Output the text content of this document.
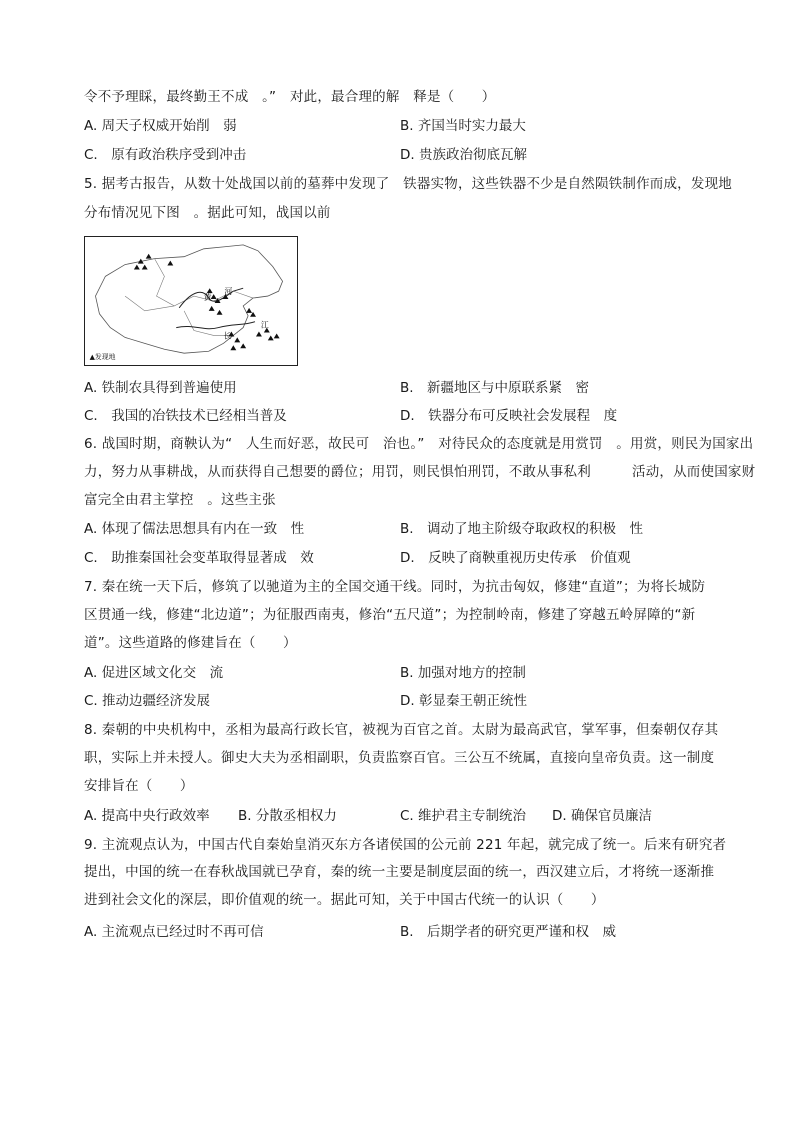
令不予理睬，最终勤王不成　。”　对此，最合理的解　释是（　　）
A. 周天子权威开始削　弱	B. 齐国当时实力最大
C.　原有政治秩序受到冲击	D. 贵族政治彻底瓦解
5. 据考古报告，从数十处战国以前的墓葬中发现了　铁器实物，这些铁器不少是自然陨铁制作而成，发现地
分布情况见下图　。据此可知，战国以前
黄
河
长
江
▲发现地
A. 铁制农具得到普遍使用	B.　新疆地区与中原联系紧　密
C.　我国的冶铁技术已经相当普及	D.　铁器分布可反映社会发展程　度
6. 战国时期，商鞅认为“　人生而好恶，故民可　治也。”　对待民众的态度就是用赏罚　。用赏，则民为国家出
力，努力从事耕战，从而获得自己想要的爵位；用罚，则民惧怕刑罚，不敢从事私利　　　活动，从而使国家财
富完全由君主掌控　。这些主张
A. 体现了儒法思想具有内在一致　性	B.　调动了地主阶级夺取政权的积极　性
C.　助推秦国社会变革取得显著成　效	D.　反映了商鞅重视历史传承　价值观
7. 秦在统一天下后，修筑了以驰道为主的全国交通干线。同时，为抗击匈奴，修建“直道”；为将长城防
区贯通一线，修建“北边道”；为征服西南夷，修治“五尺道”；为控制岭南，修建了穿越五岭屏障的“新
道”。这些道路的修建旨在（　　）
A. 促进区域文化交　流	B. 加强对地方的控制
C. 推动边疆经济发展	D. 彰显秦王朝正统性
8. 秦朝的中央机构中，丞相为最高行政长官，被视为百官之首。太尉为最高武官，掌军事，但秦朝仅存其
职，实际上并未授人。御史大夫为丞相副职，负责监察百官。三公互不统属，直接向皇帝负责。这一制度
安排旨在（　　）
A. 提高中央行政效率 B. 分散丞相权力	C. 维护君主专制统治 D. 确保官员廉洁
9. 主流观点认为，中国古代自秦始皇消灭东方各诸侯国的公元前 221 年起，就完成了统一。后来有研究者
提出，中国的统一在春秋战国就已孕育，秦的统一主要是制度层面的统一，西汉建立后，才将统一逐渐推
进到社会文化的深层，即价值观的统一。据此可知，关于中国古代统一的认识（　　）
A. 主流观点已经过时不再可信	B.　后期学者的研究更严谨和权　威
